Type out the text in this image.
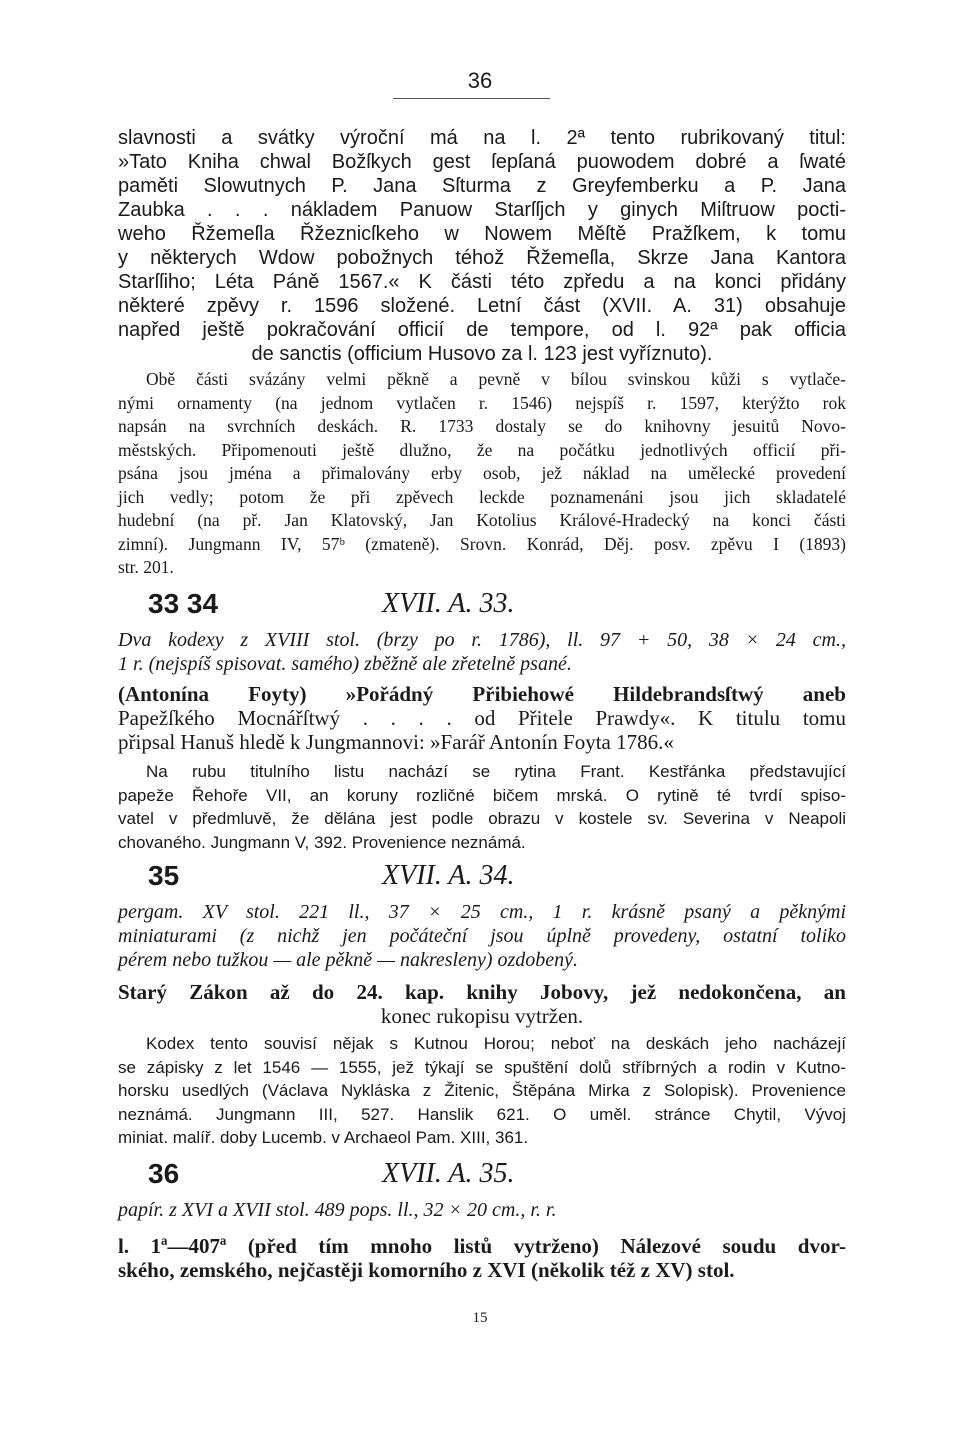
36
slavnosti a svátky výroční má na l. 2ª tento rubrikovaný titul:
»Tato Kniha chwal Božſkych gest ſepſaná puowodem dobré a ſwaté
paměti Slowutnych P. Jana Sſturma z Greyfemberku a P. Jana
Zaubka . . . nákladem Panuow Starſſjch y ginych Miſtruow pocti-
weho Řžemeſla Řžeznicſkeho w Nowem Měſtě Pražſkem, k tomu
y některych Wdow pobožnych téhož Řžemeſla, Skrze Jana Kantora
Starſſiho; Léta Páně 1567.« K části této zpředu a na konci přidány
některé zpěvy r. 1596 složené. Letní část (XVII. A. 31) obsahuje
napřed ještě pokračování officií de tempore, od l. 92ª pak officia
de sanctis (officium Husovo za l. 123 jest vyříznuto).
Obě části svázány velmi pěkně a pevně v bílou svinskou kůži s vytlače-
nými ornamenty (na jednom vytlačen r. 1546) nejspíš r. 1597, kterýžto rok
napsán na svrchních deskách. R. 1733 dostaly se do knihovny jesuitů Novo-
městských. Připomenouti ještě dlužno, že na počátku jednotlivých officií při-
psána jsou jména a přimalovány erby osob, jež náklad na umělecké provedení
jich vedly; potom že při zpěvech leckde poznamenáni jsou jich skladatelé
hudební (na př. Jan Klatovský, Jan Kotolius Králové-Hradecký na konci části
zimní). Jungmann IV, 57ᵇ (zmateně). Srovn. Konrád, Děj. posv. zpěvu I (1893)
str. 201.
33 34	XVII. A. 33.
Dva kodexy z XVIII stol. (brzy po r. 1786), ll. 97 + 50, 38 × 24 cm.,
1 r. (nejspíš spisovat. samého) zběžně ale zřetelně psané.
(Antonína Foyty) »Pořádný Přibiehowé Hildebrandsſtwý aneb
Papežſkého Mocnářſtwý . . . . od Přitele Prawdy«. K titulu tomu
připsal Hanuš hledě k Jungmannovi: »Farář Antonín Foyta 1786.«
Na rubu titulního listu nachází se rytina Frant. Kestřánka představující
papeže Řehoře VII, an koruny rozličné bičem mrská. O rytině té tvrdí spiso-
vatel v předmluvě, že dělána jest podle obrazu v kostele sv. Severina v Neapoli
chovaného. Jungmann V, 392. Provenience neznámá.
35	XVII. A. 34.
pergam. XV stol. 221 ll., 37 × 25 cm., 1 r. krásně psaný a pěknými
miniaturami (z nichž jen počáteční jsou úplně provedeny, ostatní toliko
pérem nebo tužkou — ale pěkně — nakresleny) ozdobený.
Starý Zákon až do 24. kap. knihy Jobovy, jež nedokončena, an
konec rukopisu vytržen.
Kodex tento souvisí nějak s Kutnou Horou; neboť na deskách jeho nacházejí
se zápisky z let 1546 — 1555, jež týkají se spuštění dolů stříbrných a rodin v Kutno-
horsku usedlých (Václava Nykláska z Žitenic, Štěpána Mirka z Solopisk). Provenience
neznámá. Jungmann III, 527. Hanslik 621. O uměl. stránce Chytil, Vývoj
miniat. malíř. doby Lucemb. v Archaeol Pam. XIII, 361.
36	XVII. A. 35.
papír. z XVI a XVII stol. 489 pops. ll., 32 × 20 cm., r. r.
l. 1ª—407ª (před tím mnoho listů vytrženo) Nálezové soudu dvor-
ského, zemského, nejčastěji komorního z XVI (několik též z XV) stol.
15
